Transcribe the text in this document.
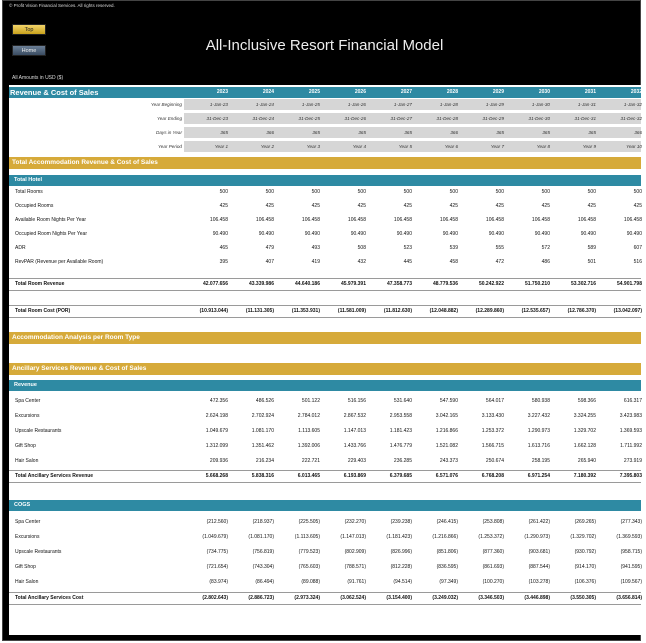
© Profit Vision Financial Services. All rights reserved.
Top
Home	All-Inclusive Resort Financial Model
All Amounts in USD ($)
Revenue & Cost of Sales	2023	2024	2025	2026	2027	2028	2029	2030	2031	2032
Year Beginning	1-Jan-23	1-Jan-24	1-Jan-25	1-Jan-26	1-Jan-27	1-Jan-28	1-Jan-29	1-Jan-30	1-Jan-31	1-Jan-32
Year Ending	31-Dec-23	31-Dec-24	31-Dec-25	31-Dec-26	31-Dec-27	31-Dec-28	31-Dec-29	31-Dec-30	31-Dec-31	31-Dec-32
Days in Year	365	366	365	365	365	366	365	365	365	366
Year Period	Year 1	Year 2	Year 3	Year 4	Year 5	Year 6	Year 7	Year 8	Year 9	Year 10
Total Accommodation Revenue & Cost of Sales
Total Hotel
Total Rooms	500	500	500	500	500	500	500	500	500	500
Occupied Rooms	425	425	425	425	425	425	425	425	425	425
Available Room Nights Per Year	106.458	106.458	106.458	106.458	106.458	106.458	106.458	106.458	106.458	106.458
Occupied Room Nights Per Year	90.490	90.490	90.490	90.490	90.490	90.490	90.490	90.490	90.490	90.490
ADR	465	479	493	508	523	539	555	572	589	607
RevPAR (Revenue per Available Room)	395	407	419	432	445	458	472	486	501	516
Total Room Revenue	42.077.656	43.339.986	44.640.186	45.979.391	47.358.773	48.779.536	50.242.922	51.750.210	53.302.716	54.901.798
Total Room Cost (POR)	(10.913.044)	(11.131.305)	(11.353.931)	(11.581.009)	(11.812.630)	(12.048.882)	(12.289.860)	(12.535.657)	(12.786.370)	(13.042.097)
Accommodation Analysis per Room Type
Ancillary Services Revenue & Cost of Sales
Revenue
Spa Center	472.356	486.526	501.122	516.156	531.640	547.590	564.017	580.938	598.366	616.317
Excursions	2.624.198	2.702.924	2.784.012	2.867.532	2.953.558	3.042.165	3.133.430	3.227.432	3.324.255	3.423.983
Upscale Restaurants	1.049.679	1.081.170	1.113.605	1.147.013	1.181.423	1.216.866	1.253.372	1.290.973	1.329.702	1.369.593
Gift Shop	1.312.099	1.351.462	1.392.006	1.433.766	1.476.779	1.521.082	1.566.715	1.613.716	1.662.128	1.711.992
Hair Salon	209.936	216.234	222.721	229.403	236.285	243.373	250.674	258.195	265.940	273.919
Total Ancillary Services Revenue	5.668.268	5.838.316	6.013.465	6.193.869	6.379.685	6.571.076	6.768.208	6.971.254	7.180.392	7.395.803
COGS
Spa Center	(212.560)	(218.937)	(225.505)	(232.270)	(239.238)	(246.415)	(253.808)	(261.422)	(269.265)	(277.343)
Excursions	(1.049.679)	(1.081.170)	(1.113.605)	(1.147.013)	(1.181.423)	(1.216.866)	(1.253.372)	(1.290.973)	(1.329.702)	(1.369.593)
Upscale Restaurants	(734.775)	(756.819)	(779.523)	(802.909)	(826.996)	(851.806)	(877.360)	(903.681)	(930.792)	(958.715)
Gift Shop	(721.654)	(743.304)	(765.603)	(788.571)	(812.228)	(836.595)	(861.693)	(887.544)	(914.170)	(941.595)
Hair Salon	(83.974)	(86.494)	(89.088)	(91.761)	(94.514)	(97.349)	(100.270)	(103.278)	(106.376)	(109.567)
Total Ancillary Services Cost	(2.802.643)	(2.886.723)	(2.973.324)	(3.062.524)	(3.154.400)	(3.249.032)	(3.346.503)	(3.446.898)	(3.550.305)	(3.656.814)
